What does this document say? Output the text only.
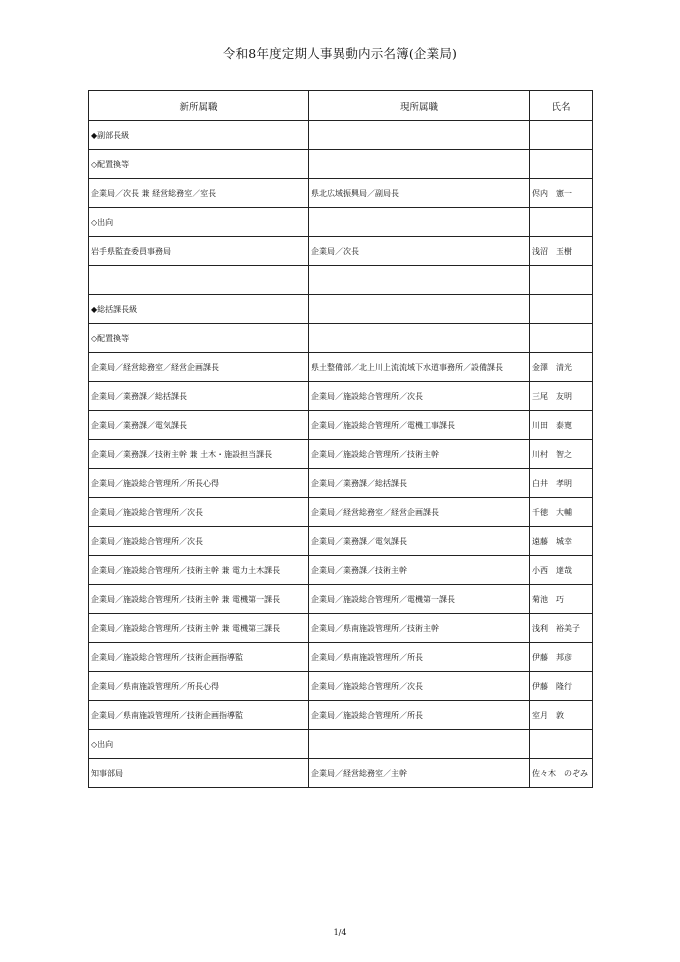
令和8年度定期人事異動内示名簿(企業局)
新所属職	現所属職	氏名
◆副部長級		
◇配置換等		
企業局／次長 兼 経営総務室／室長	県北広域振興局／副局長	侭内　憲一
◇出向		
岩手県監査委員事務局	企業局／次長	浅沼　玉樹

◆総括課長級		
◇配置換等		
企業局／経営総務室／経営企画課長	県土整備部／北上川上流流域下水道事務所／設備課長	金澤　清光
企業局／業務課／総括課長	企業局／施設総合管理所／次長	三尾　友明
企業局／業務課／電気課長	企業局／施設総合管理所／電機工事課長	川田　泰寛
企業局／業務課／技術主幹 兼 土木・施設担当課長	企業局／施設総合管理所／技術主幹	川村　智之
企業局／施設総合管理所／所長心得	企業局／業務課／総括課長	白井　孝明
企業局／施設総合管理所／次長	企業局／経営総務室／経営企画課長	千徳　大輔
企業局／施設総合管理所／次長	企業局／業務課／電気課長	遠藤　城幸
企業局／施設総合管理所／技術主幹 兼 電力土木課長	企業局／業務課／技術主幹	小西　達哉
企業局／施設総合管理所／技術主幹 兼 電機第一課長	企業局／施設総合管理所／電機第一課長	菊池　巧
企業局／施設総合管理所／技術主幹 兼 電機第三課長	企業局／県南施設管理所／技術主幹	浅利　裕美子
企業局／施設総合管理所／技術企画指導監	企業局／県南施設管理所／所長	伊藤　邦彦
企業局／県南施設管理所／所長心得	企業局／施設総合管理所／次長	伊藤　隆行
企業局／県南施設管理所／技術企画指導監	企業局／施設総合管理所／所長	室月　敦
◇出向		
知事部局	企業局／経営総務室／主幹	佐々木　のぞみ
1/4
